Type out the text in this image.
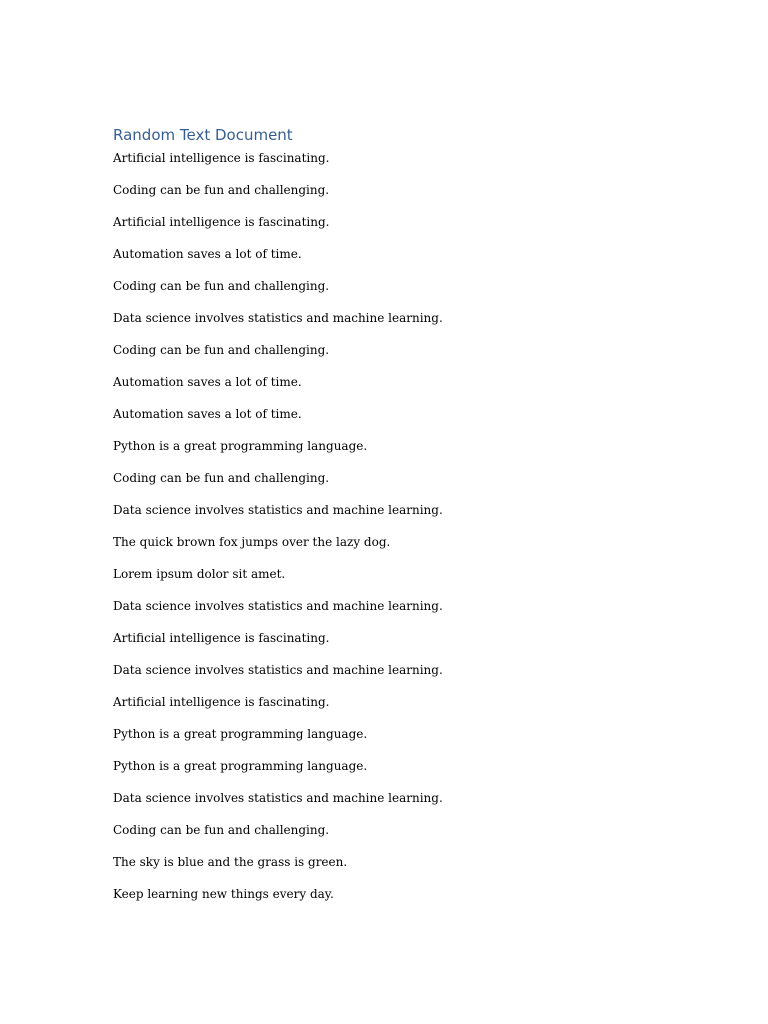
Random Text Document

Artificial intelligence is fascinating.

Coding can be fun and challenging.

Artificial intelligence is fascinating.

Automation saves a lot of time.

Coding can be fun and challenging.

Data science involves statistics and machine learning.

Coding can be fun and challenging.

Automation saves a lot of time.

Automation saves a lot of time.

Python is a great programming language.

Coding can be fun and challenging.

Data science involves statistics and machine learning.

The quick brown fox jumps over the lazy dog.

Lorem ipsum dolor sit amet.

Data science involves statistics and machine learning.

Artificial intelligence is fascinating.

Data science involves statistics and machine learning.

Artificial intelligence is fascinating.

Python is a great programming language.

Python is a great programming language.

Data science involves statistics and machine learning.

Coding can be fun and challenging.

The sky is blue and the grass is green.

Keep learning new things every day.
